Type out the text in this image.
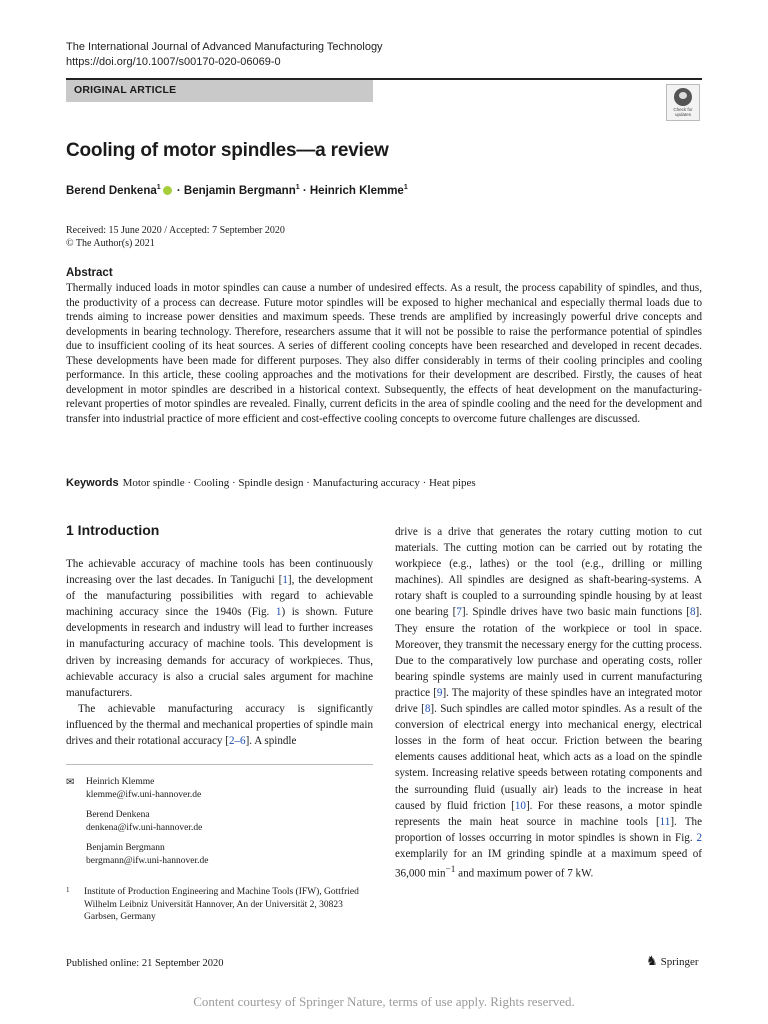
The International Journal of Advanced Manufacturing Technology
https://doi.org/10.1007/s00170-020-06069-0
ORIGINAL ARTICLE
Check for updates
Cooling of motor spindles—a review
Berend Denkena$^1$ · Benjamin Bergmann$^1$ · Heinrich Klemme$^1$
Received: 15 June 2020 / Accepted: 7 September 2020
© The Author(s) 2021
Abstract
Thermally induced loads in motor spindles can cause a number of undesired effects. As a result, the process capability of spindles, and thus, the productivity of a process can decrease. Future motor spindles will be exposed to higher mechanical and especially thermal loads due to trends aiming to increase power densities and maximum speeds. These trends are amplified by increasingly powerful drive concepts and developments in bearing technology. Therefore, researchers assume that it will not be possible to raise the performance potential of spindles due to insufficient cooling of its heat sources. A series of different cooling concepts have been researched and developed in recent decades. These developments have been made for different purposes. They also differ considerably in terms of their cooling principles and cooling performance. In this article, these cooling approaches and the motivations for their development are described. Firstly, the causes of heat development in motor spindles are described in a historical context. Subsequently, the effects of heat development on the manufacturing-relevant properties of motor spindles are revealed. Finally, current deficits in the area of spindle cooling and the need for the development and transfer into industrial practice of more efficient and cost-effective cooling concepts to overcome future challenges are discussed.
Keywords Motor spindle · Cooling · Spindle design · Manufacturing accuracy · Heat pipes
1 Introduction

The achievable accuracy of machine tools has been continuously increasing over the last decades. In Taniguchi [1], the development of the manufacturing possibilities with regard to achievable machining accuracy since the 1940s (Fig. 1) is shown. Future developments in research and industry will lead to further increases in manufacturing accuracy of machine tools. This development is driven by increasing demands for accuracy of workpieces. Thus, achievable accuracy is also a crucial sales argument for machine manufacturers.

The achievable manufacturing accuracy is significantly influenced by the thermal and mechanical properties of spindle main drives and their rotational accuracy [2–6]. A spindle

drive is a drive that generates the rotary cutting motion to cut materials. The cutting motion can be carried out by rotating the workpiece (e.g., lathes) or the tool (e.g., drilling or milling machines). All spindles are designed as shaft-bearing-systems. A rotary shaft is coupled to a surrounding spindle housing by at least one bearing [7]. Spindle drives have two basic main functions [8]. They ensure the rotation of the workpiece or tool in space. Moreover, they transmit the necessary energy for the cutting process. Due to the comparatively low purchase and operating costs, roller bearing spindle systems are mainly used in current manufacturing practice [9]. The majority of these spindles have an integrated motor drive [8]. Such spindles are called motor spindles. As a result of the conversion of electrical energy into mechanical energy, electrical losses in the form of heat occur. Friction between the bearing elements causes additional heat, which acts as a load on the spindle system. Increasing relative speeds between rotating components and the surrounding fluid (usually air) leads to the increase in heat caused by fluid friction [10]. For these reasons, a motor spindle represents the main heat source in machine tools [11]. The proportion of losses occurring in motor spindles is shown in Fig. 2 exemplarily for an IM grinding spindle at a maximum speed of 36,000 $\min^{-1}$ and maximum power of 7 kW.

✉ Heinrich Klemme
klemme@ifw.uni-hannover.de
Berend Denkena
denkena@ifw.uni-hannover.de
Benjamin Bergmann
bergmann@ifw.uni-hannover.de
1 Institute of Production Engineering and Machine Tools (IFW), Gottfried Wilhelm Leibniz Universität Hannover, An der Universität 2, 30823 Garbsen, Germany
Published online: 21 September 2020	♞ Springer
Content courtesy of Springer Nature, terms of use apply. Rights reserved.
